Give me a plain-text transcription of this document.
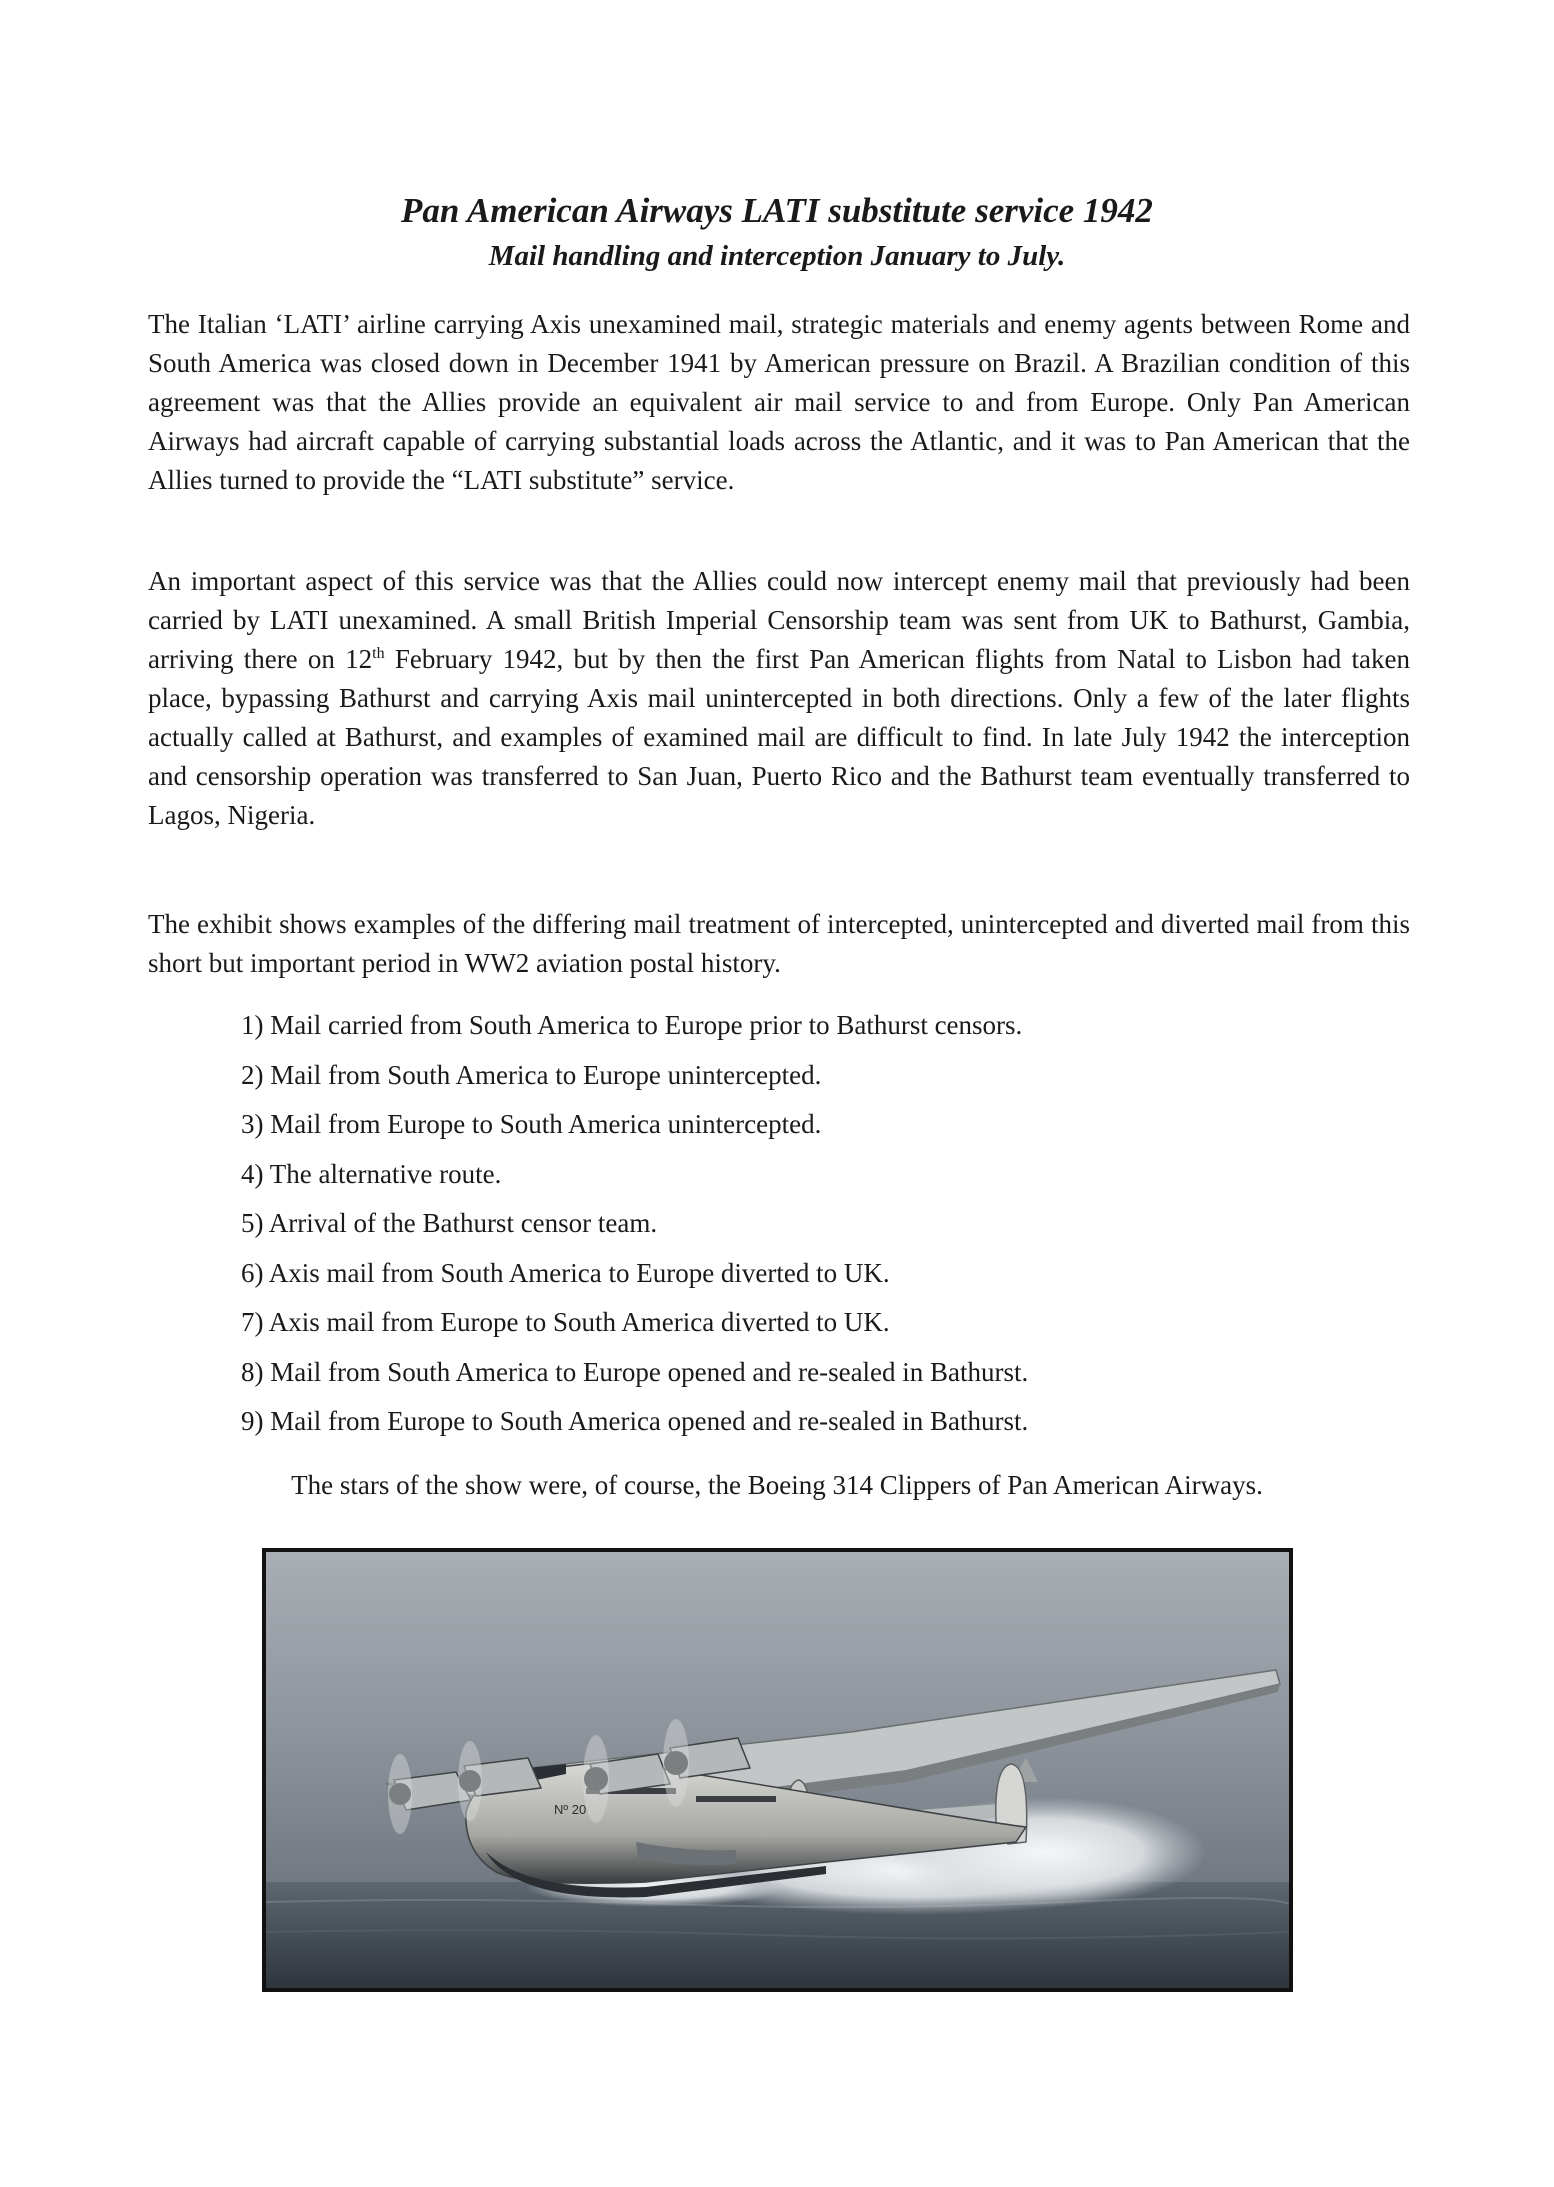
Pan American Airways LATI substitute service 1942
Mail handling and interception January to July.

The Italian ‘LATI’ airline carrying Axis unexamined mail, strategic materials and enemy agents between Rome and South America was closed down in December 1941 by American pressure on Brazil. A Brazilian condition of this agreement was that the Allies provide an equivalent air mail service to and from Europe. Only Pan American Airways had aircraft capable of carrying substantial loads across the Atlantic, and it was to Pan American that the Allies turned to provide the “LATI substitute” service.

An important aspect of this service was that the Allies could now intercept enemy mail that previously had been carried by LATI unexamined. A small British Imperial Censorship team was sent from UK to Bathurst, Gambia, arriving there on 12th February 1942, but by then the first Pan American flights from Natal to Lisbon had taken place, bypassing Bathurst and carrying Axis mail unintercepted in both directions. Only a few of the later flights actually called at Bathurst, and examples of examined mail are difficult to find. In late July 1942 the interception and censorship operation was transferred to San Juan, Puerto Rico and the Bathurst team eventually transferred to Lagos, Nigeria.

The exhibit shows examples of the differing mail treatment of intercepted, unintercepted and diverted mail from this short but important period in WW2 aviation postal history.

1) Mail carried from South America to Europe prior to Bathurst censors.
2) Mail from South America to Europe unintercepted.
3) Mail from Europe to South America unintercepted.
4) The alternative route.
5) Arrival of the Bathurst censor team.
6) Axis mail from South America to Europe diverted to UK.
7) Axis mail from Europe to South America diverted to UK.
8) Mail from South America to Europe opened and re-sealed in Bathurst.
9) Mail from Europe to South America opened and re-sealed in Bathurst.

The stars of the show were, of course, the Boeing 314 Clippers of Pan American Airways.

Nº 20
